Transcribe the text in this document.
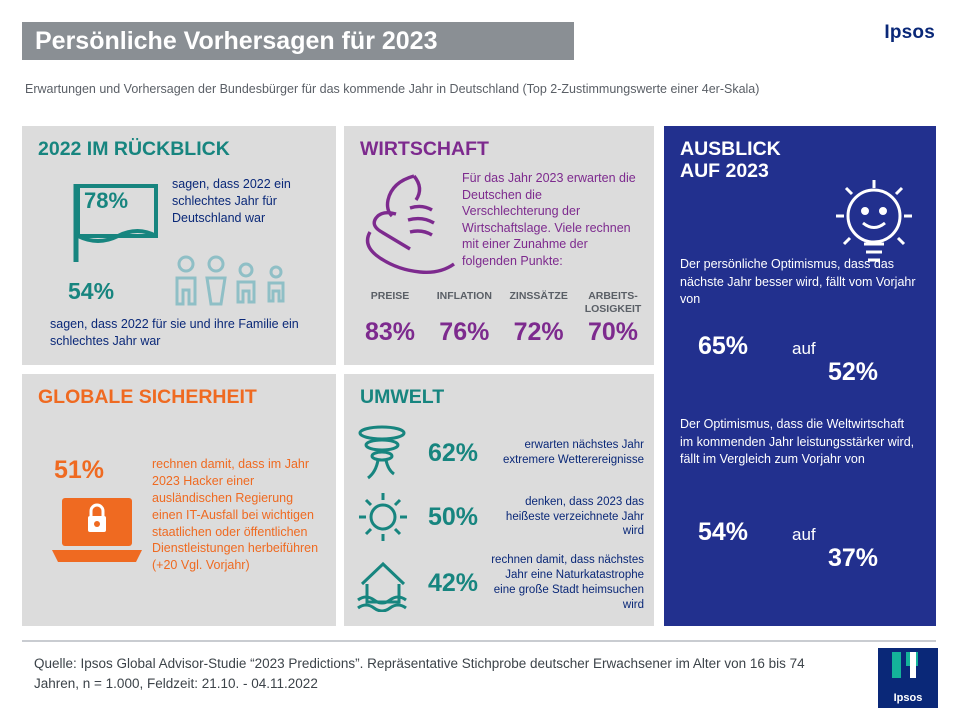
Persönliche Vorhersagen für 2023	Ipsos
Erwartungen und Vorhersagen der Bundesbürger für das kommende Jahr in Deutschland (Top 2-Zustimmungswerte einer 4er-Skala)
2022 IM RÜCKBLICK
78%
sagen, dass 2022 ein schlechtes Jahr für Deutschland war
54%
sagen, dass 2022 für sie und ihre Familie ein schlechtes Jahr war
WIRTSCHAFT
Für das Jahr 2023 erwarten die Deutschen die Verschlechterung der Wirtschaftslage. Viele rechnen mit einer Zunahme der folgenden Punkte:
PREISE	INFLATION	ZINSSÄTZE	ARBEITS-LOSIGKEIT
83% 76% 72% 70%
GLOBALE SICHERHEIT
51%	rechnen damit, dass im Jahr 2023 Hacker einer ausländischen Regierung einen IT-Ausfall bei wichtigen staatlichen oder öffentlichen Dienstleistungen herbeiführen (+20 Vgl. Vorjahr)
UMWELT
62%	erwarten nächstes Jahr extremere Wetterereignisse
50%
denken, dass 2023 das heißeste verzeichnete Jahr wird
42%
rechnen damit, dass nächstes Jahr eine Naturkatastrophe eine große Stadt heimsuchen wird
AUSBLICK
AUF 2023
Der persönliche Optimismus, dass das nächste Jahr besser wird, fällt vom Vorjahr von
65%	auf
52%
Der Optimismus, dass die Weltwirtschaft im kommenden Jahr leistungsstärker wird, fällt im Vergleich zum Vorjahr von
54%	auf
37%
Quelle: Ipsos Global Advisor-Studie “2023 Predictions”. Repräsentative Stichprobe deutscher Erwachsener im Alter von 16 bis 74 Jahren, n = 1.000, Feldzeit: 21.10. - 04.11.2022
Ipsos
